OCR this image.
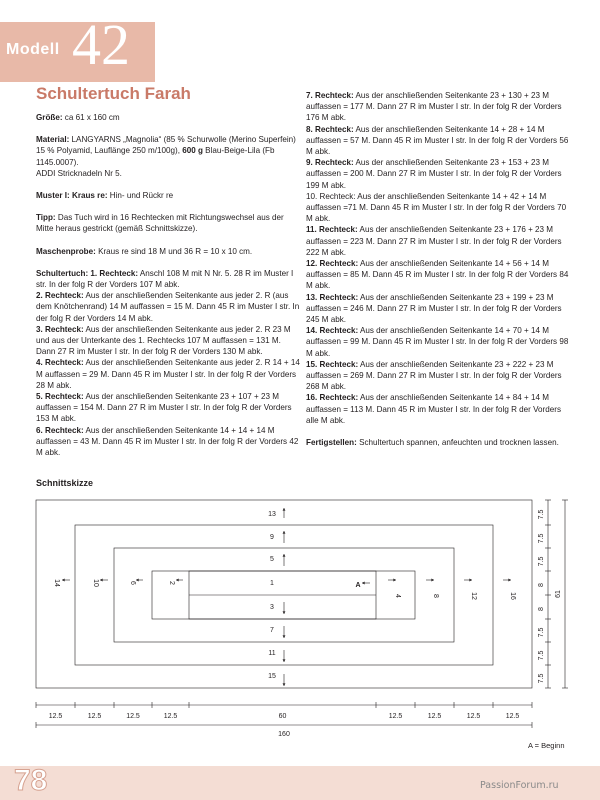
Modell 42
Schultertuch Farah

Größe: ca 61 x 160 cm

Material: LANGYARNS „Magnolia“ (85 % Schurwolle (Merino Superfein) 15 % Polyamid, Lauflänge 250 m/100g), 600 g Blau-Beige-Lila (Fb 1145.0007).
ADDI Stricknadeln Nr 5.

Muster I: Kraus re: Hin- und Rückr re

Tipp: Das Tuch wird in 16 Rechtecken mit Richtungswechsel aus der Mitte heraus gestrickt (gemäß Schnittskizze).

Maschenprobe: Kraus re sind 18 M und 36 R = 10 x 10 cm.

Schultertuch: 1. Rechteck: Anschl 108 M mit N Nr. 5. 28 R im Muster I str. In der folg R der Vorders 107 M abk.

2. Rechteck: Aus der anschließenden Seitenkante aus jeder 2. R (aus dem Knötchenrand) 14 M auffassen = 15 M. Dann 45 R im Muster I str. In der folg R der Vorders 14 M abk.

3. Rechteck: Aus der anschließenden Seitenkante aus jeder 2. R 23 M und aus der Unterkante des 1. Rechtecks 107 M auffassen = 131 M. Dann 27 R im Muster I str. In der folg R der Vorders 130 M abk.

4. Rechteck: Aus der anschließenden Seitenkante aus jeder 2. R 14 + 14 M auffassen = 29 M. Dann 45 R im Muster I str. In der folg R der Vorders 28 M abk.

5. Rechteck: Aus der anschließenden Seitenkante 23 + 107 + 23 M auffassen = 154 M. Dann 27 R im Muster I str. In der folg R der Vorders 153 M abk.

6. Rechteck: Aus der anschließenden Seitenkante 14 + 14 + 14 M auffassen = 43 M. Dann 45 R im Muster I str. In der folg R der Vorders 42 M abk.

7. Rechteck: Aus der anschließenden Seitenkante 23 + 130 + 23 M auffassen = 177 M. Dann 27 R im Muster I str. In der folg R der Vorders 176 M abk.

8. Rechteck: Aus der anschließenden Seitenkante 14 + 28 + 14 M auffassen = 57 M. Dann 45 R im Muster I str. In der folg R der Vorders 56 M abk.

9. Rechteck: Aus der anschließenden Seitenkante 23 + 153 + 23 M auffassen = 200 M. Dann 27 R im Muster I str. In der folg R der Vorders 199 M abk.

10. Rechteck: Aus der anschließenden Seitenkante 14 + 42 + 14 M auffassen =71 M. Dann 45 R im Muster I str. In der folg R der Vorders 70 M abk.

11. Rechteck: Aus der anschließenden Seitenkante 23 + 176 + 23 M auffassen = 223 M. Dann 27 R im Muster I str. In der folg R der Vorders 222 M abk.

12. Rechteck: Aus der anschließenden Seitenkante 14 + 56 + 14 M auffassen = 85 M. Dann 45 R im Muster I str. In der folg R der Vorders 84 M abk.

13. Rechteck: Aus der anschließenden Seitenkante 23 + 199 + 23 M auffassen = 246 M. Dann 27 R im Muster I str. In der folg R der Vorders 245 M abk.

14. Rechteck: Aus der anschließenden Seitenkante 14 + 70 + 14 M auffassen = 99 M. Dann 45 R im Muster I str. In der folg R der Vorders 98 M abk.

15. Rechteck: Aus der anschließenden Seitenkante 23 + 222 + 23 M auffassen = 269 M. Dann 27 R im Muster I str. In der folg R der Vorders 268 M abk.

16. Rechteck: Aus der anschließenden Seitenkante 14 + 84 + 14 M auffassen = 113 M. Dann 45 R im Muster I str. In der folg R der Vorders alle M abk.

Fertigstellen: Schultertuch spannen, anfeuchten und trocknen lassen.

Schnittskizze
13
9
5
1
3
7
11
15
14	10	6	2
4	8	12	16
A
7.5
7.5
7.5
8
8
7.5
7.5
7.5
61
12.5	12.5	12.5	12.5	60	12.5	12.5	12.5	12.5
160
A = Beginn
78	PassionForum.ru
